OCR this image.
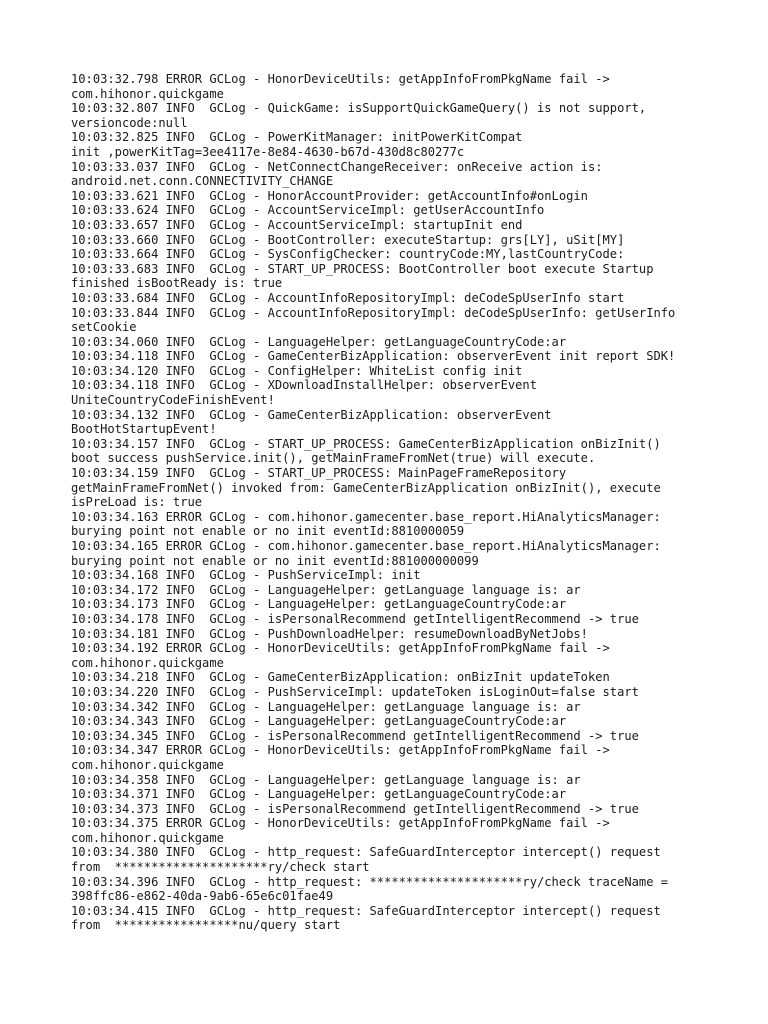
10:03:32.798 ERROR GCLog - HonorDeviceUtils: getAppInfoFromPkgName fail ->
com.hihonor.quickgame
10:03:32.807 INFO  GCLog - QuickGame: isSupportQuickGameQuery() is not support,
versioncode:null
10:03:32.825 INFO  GCLog - PowerKitManager: initPowerKitCompat
init ,powerKitTag=3ee4117e-8e84-4630-b67d-430d8c80277c
10:03:33.037 INFO  GCLog - NetConnectChangeReceiver: onReceive action is:
android.net.conn.CONNECTIVITY_CHANGE
10:03:33.621 INFO  GCLog - HonorAccountProvider: getAccountInfo#onLogin
10:03:33.624 INFO  GCLog - AccountServiceImpl: getUserAccountInfo
10:03:33.657 INFO  GCLog - AccountServiceImpl: startupInit end
10:03:33.660 INFO  GCLog - BootController: executeStartup: grs[LY], uSit[MY]
10:03:33.664 INFO  GCLog - SysConfigChecker: countryCode:MY,lastCountryCode:
10:03:33.683 INFO  GCLog - START_UP_PROCESS: BootController boot execute Startup
finished isBootReady is: true
10:03:33.684 INFO  GCLog - AccountInfoRepositoryImpl: deCodeSpUserInfo start
10:03:33.844 INFO  GCLog - AccountInfoRepositoryImpl: deCodeSpUserInfo: getUserInfo
setCookie
10:03:34.060 INFO  GCLog - LanguageHelper: getLanguageCountryCode:ar
10:03:34.118 INFO  GCLog - GameCenterBizApplication: observerEvent init report SDK!
10:03:34.120 INFO  GCLog - ConfigHelper: WhiteList config init
10:03:34.118 INFO  GCLog - XDownloadInstallHelper: observerEvent
UniteCountryCodeFinishEvent!
10:03:34.132 INFO  GCLog - GameCenterBizApplication: observerEvent
BootHotStartupEvent!
10:03:34.157 INFO  GCLog - START_UP_PROCESS: GameCenterBizApplication onBizInit()
boot success pushService.init(), getMainFrameFromNet(true) will execute.
10:03:34.159 INFO  GCLog - START_UP_PROCESS: MainPageFrameRepository
getMainFrameFromNet() invoked from: GameCenterBizApplication onBizInit(), execute
isPreLoad is: true
10:03:34.163 ERROR GCLog - com.hihonor.gamecenter.base_report.HiAnalyticsManager:
burying point not enable or no init eventId:8810000059
10:03:34.165 ERROR GCLog - com.hihonor.gamecenter.base_report.HiAnalyticsManager:
burying point not enable or no init eventId:881000000099
10:03:34.168 INFO  GCLog - PushServiceImpl: init
10:03:34.172 INFO  GCLog - LanguageHelper: getLanguage language is: ar
10:03:34.173 INFO  GCLog - LanguageHelper: getLanguageCountryCode:ar
10:03:34.178 INFO  GCLog - isPersonalRecommend getIntelligentRecommend -> true
10:03:34.181 INFO  GCLog - PushDownloadHelper: resumeDownloadByNetJobs!
10:03:34.192 ERROR GCLog - HonorDeviceUtils: getAppInfoFromPkgName fail ->
com.hihonor.quickgame
10:03:34.218 INFO  GCLog - GameCenterBizApplication: onBizInit updateToken
10:03:34.220 INFO  GCLog - PushServiceImpl: updateToken isLoginOut=false start
10:03:34.342 INFO  GCLog - LanguageHelper: getLanguage language is: ar
10:03:34.343 INFO  GCLog - LanguageHelper: getLanguageCountryCode:ar
10:03:34.345 INFO  GCLog - isPersonalRecommend getIntelligentRecommend -> true
10:03:34.347 ERROR GCLog - HonorDeviceUtils: getAppInfoFromPkgName fail ->
com.hihonor.quickgame
10:03:34.358 INFO  GCLog - LanguageHelper: getLanguage language is: ar
10:03:34.371 INFO  GCLog - LanguageHelper: getLanguageCountryCode:ar
10:03:34.373 INFO  GCLog - isPersonalRecommend getIntelligentRecommend -> true
10:03:34.375 ERROR GCLog - HonorDeviceUtils: getAppInfoFromPkgName fail ->
com.hihonor.quickgame
10:03:34.380 INFO  GCLog - http_request: SafeGuardInterceptor intercept() request
from  *********************ry/check start
10:03:34.396 INFO  GCLog - http_request: *********************ry/check traceName =
398ffc86-e862-40da-9ab6-65e6c01fae49
10:03:34.415 INFO  GCLog - http_request: SafeGuardInterceptor intercept() request
from  *****************nu/query start
